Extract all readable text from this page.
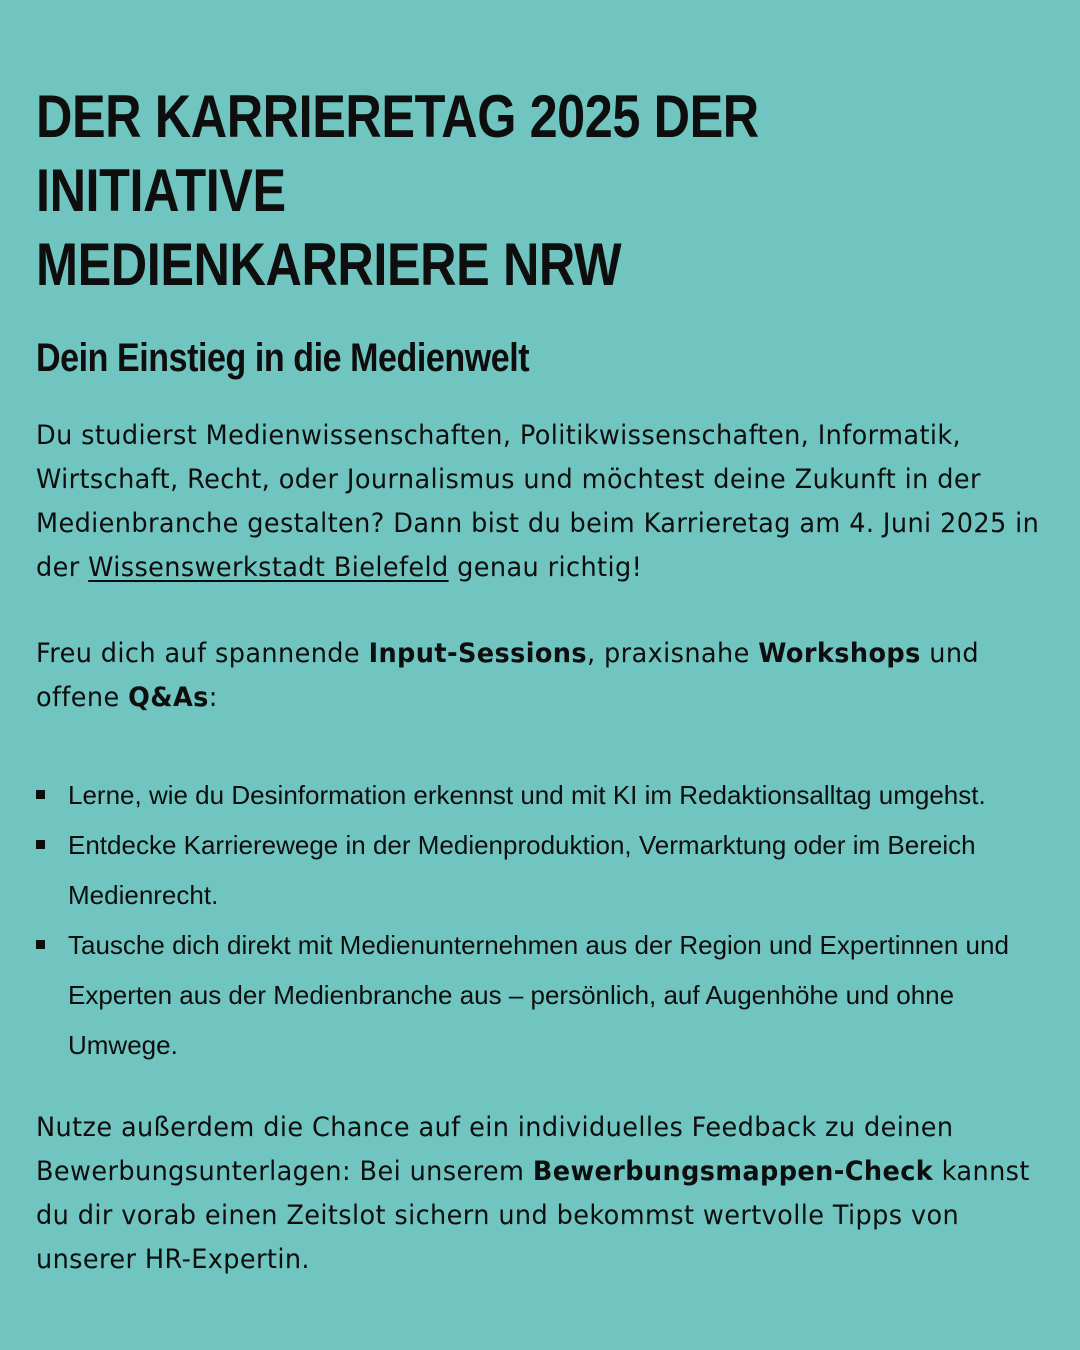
DER KARRIERETAG 2025 DER INITIATIVE
MEDIENKARRIERE NRW
Dein Einstieg in die Medienwelt

Du studierst Medienwissenschaften, Politikwissenschaften, Informatik, Wirtschaft, Recht, oder Journalismus und möchtest deine Zukunft in der Medienbranche gestalten? Dann bist du beim Karrieretag am 4. Juni 2025 in der Wissenswerkstadt Bielefeld genau richtig!

Freu dich auf spannende Input-Sessions, praxisnahe Workshops und offene Q&As:

Lerne, wie du Desinformation erkennst und mit KI im Redaktionsalltag umgehst.
Entdecke Karrierewege in der Medienproduktion, Vermarktung oder im Bereich Medienrecht.
Tausche dich direkt mit Medienunternehmen aus der Region und Expertinnen und Experten aus der Medienbranche aus – persönlich, auf Augenhöhe und ohne Umwege.

Nutze außerdem die Chance auf ein individuelles Feedback zu deinen Bewerbungsunterlagen: Bei unserem Bewerbungsmappen-Check kannst du dir vorab einen Zeitslot sichern und bekommst wertvolle Tipps von unserer HR-Expertin.
